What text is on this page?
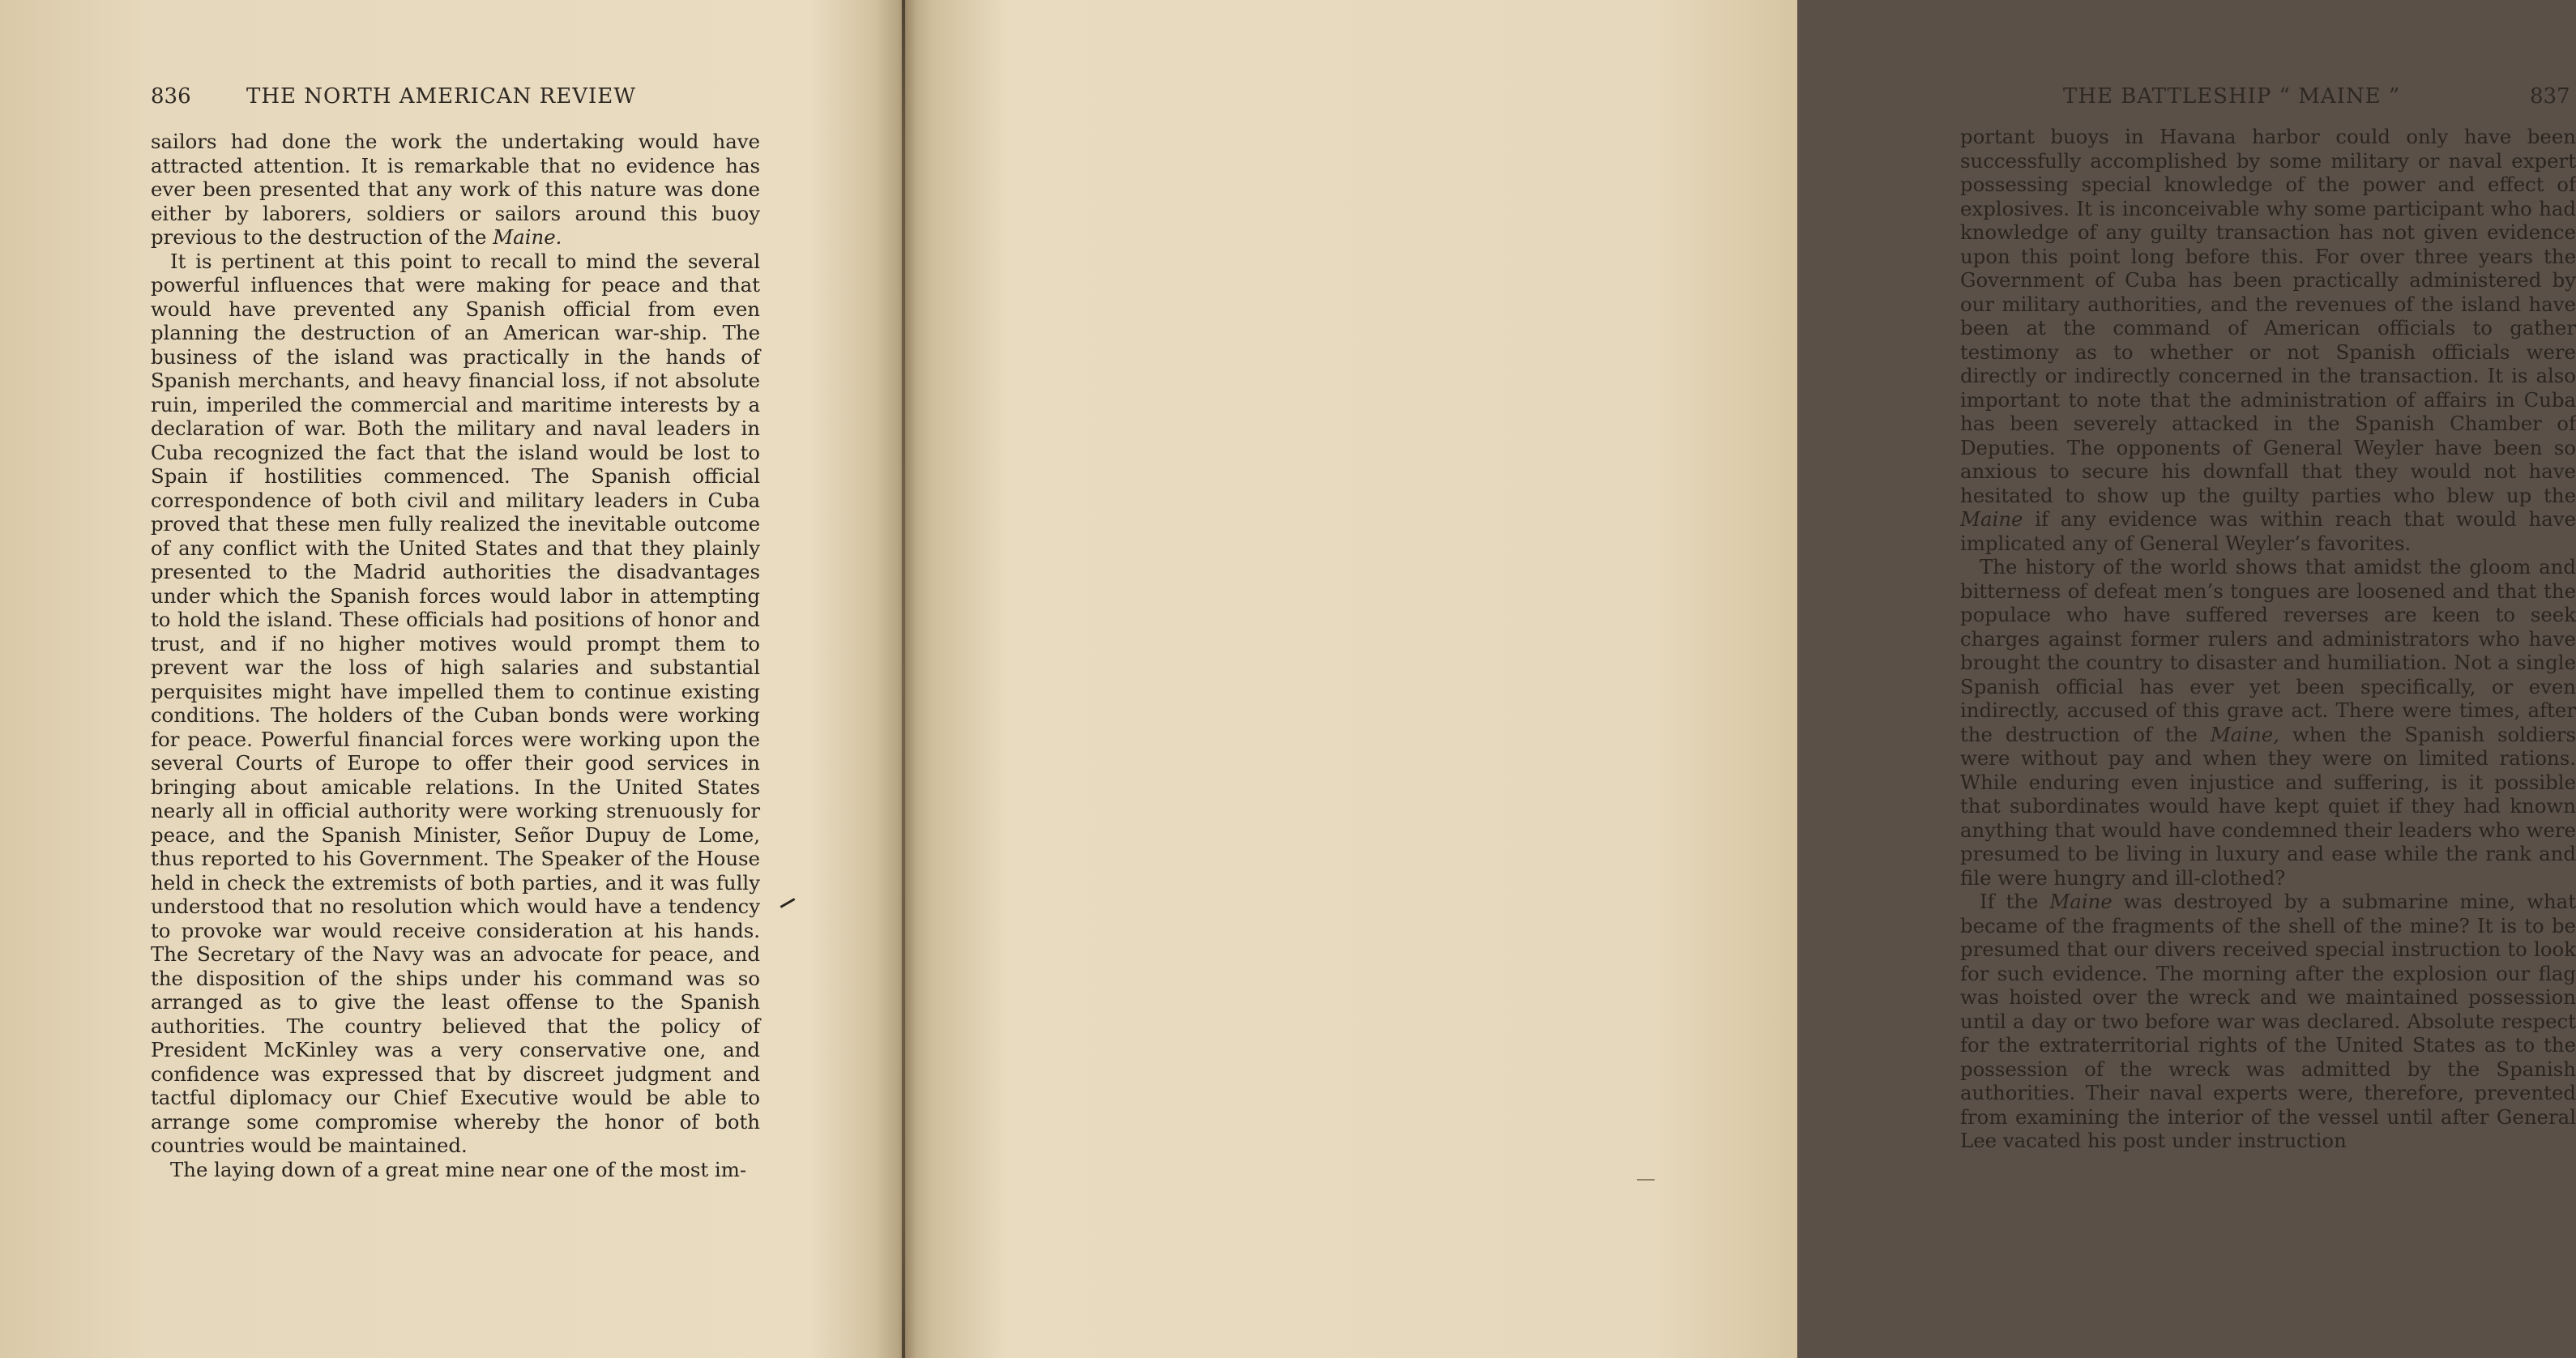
836	THE NORTH AMERICAN REVIEW

sailors had done the work the undertaking would have attracted attention. It is remarkable that no evidence has ever been presented that any work of this nature was done either by laborers, soldiers or sailors around this buoy previous to the destruction of the Maine.

It is pertinent at this point to recall to mind the several powerful influences that were making for peace and that would have prevented any Spanish official from even planning the destruction of an American war-ship. The business of the island was practically in the hands of Spanish merchants, and heavy financial loss, if not absolute ruin, imperiled the commercial and maritime interests by a declaration of war. Both the military and naval leaders in Cuba recognized the fact that the island would be lost to Spain if hostilities commenced. The Spanish official correspondence of both civil and military leaders in Cuba proved that these men fully realized the inevitable outcome of any conflict with the United States and that they plainly presented to the Madrid authorities the disadvantages under which the Spanish forces would labor in attempting to hold the island. These officials had positions of honor and trust, and if no higher motives would prompt them to prevent war the loss of high salaries and substantial perquisites might have impelled them to continue existing conditions. The holders of the Cuban bonds were working for peace. Powerful financial forces were working upon the several Courts of Europe to offer their good services in bringing about amicable relations. In the United States nearly all in official authority were working strenuously for peace, and the Spanish Minister, Señor Dupuy de Lome, thus reported to his Government. The Speaker of the House held in check the extremists of both parties, and it was fully understood that no resolution which would have a tendency to provoke war would receive consideration at his hands. The Secretary of the Navy was an advocate for peace, and the disposition of the ships under his command was so arranged as to give the least offense to the Spanish authorities. The country believed that the policy of President McKinley was a very conservative one, and confidence was expressed that by discreet judgment and tactful diplomacy our Chief Executive would be able to arrange some compromise whereby the honor of both countries would be maintained.

The laying down of a great mine near one of the most im-

THE BATTLESHIP “ MAINE ”	837

portant buoys in Havana harbor could only have been successfully accomplished by some military or naval expert possessing special knowledge of the power and effect of explosives. It is inconceivable why some participant who had knowledge of any guilty transaction has not given evidence upon this point long before this. For over three years the Government of Cuba has been practically administered by our military authorities, and the revenues of the island have been at the command of American officials to gather testimony as to whether or not Spanish officials were directly or indirectly concerned in the transaction. It is also important to note that the administration of affairs in Cuba has been severely attacked in the Spanish Chamber of Deputies. The opponents of General Weyler have been so anxious to secure his downfall that they would not have hesitated to show up the guilty parties who blew up the Maine if any evidence was within reach that would have implicated any of General Weyler’s favorites.

The history of the world shows that amidst the gloom and bitterness of defeat men’s tongues are loosened and that the populace who have suffered reverses are keen to seek charges against former rulers and administrators who have brought the country to disaster and humiliation. Not a single Spanish official has ever yet been specifically, or even indirectly, accused of this grave act. There were times, after the destruction of the Maine, when the Spanish soldiers were without pay and when they were on limited rations. While enduring even injustice and suffering, is it possible that subordinates would have kept quiet if they had known anything that would have condemned their leaders who were presumed to be living in luxury and ease while the rank and file were hungry and ill-clothed?

If the Maine was destroyed by a submarine mine, what became of the fragments of the shell of the mine? It is to be presumed that our divers received special instruction to look for such evidence. The morning after the explosion our flag was hoisted over the wreck and we maintained possession until a day or two before war was declared. Absolute respect for the extraterritorial rights of the United States as to the possession of the wreck was admitted by the Spanish authorities. Their naval experts were, therefore, prevented from examining the interior of the vessel until after General Lee vacated his post under instruction
